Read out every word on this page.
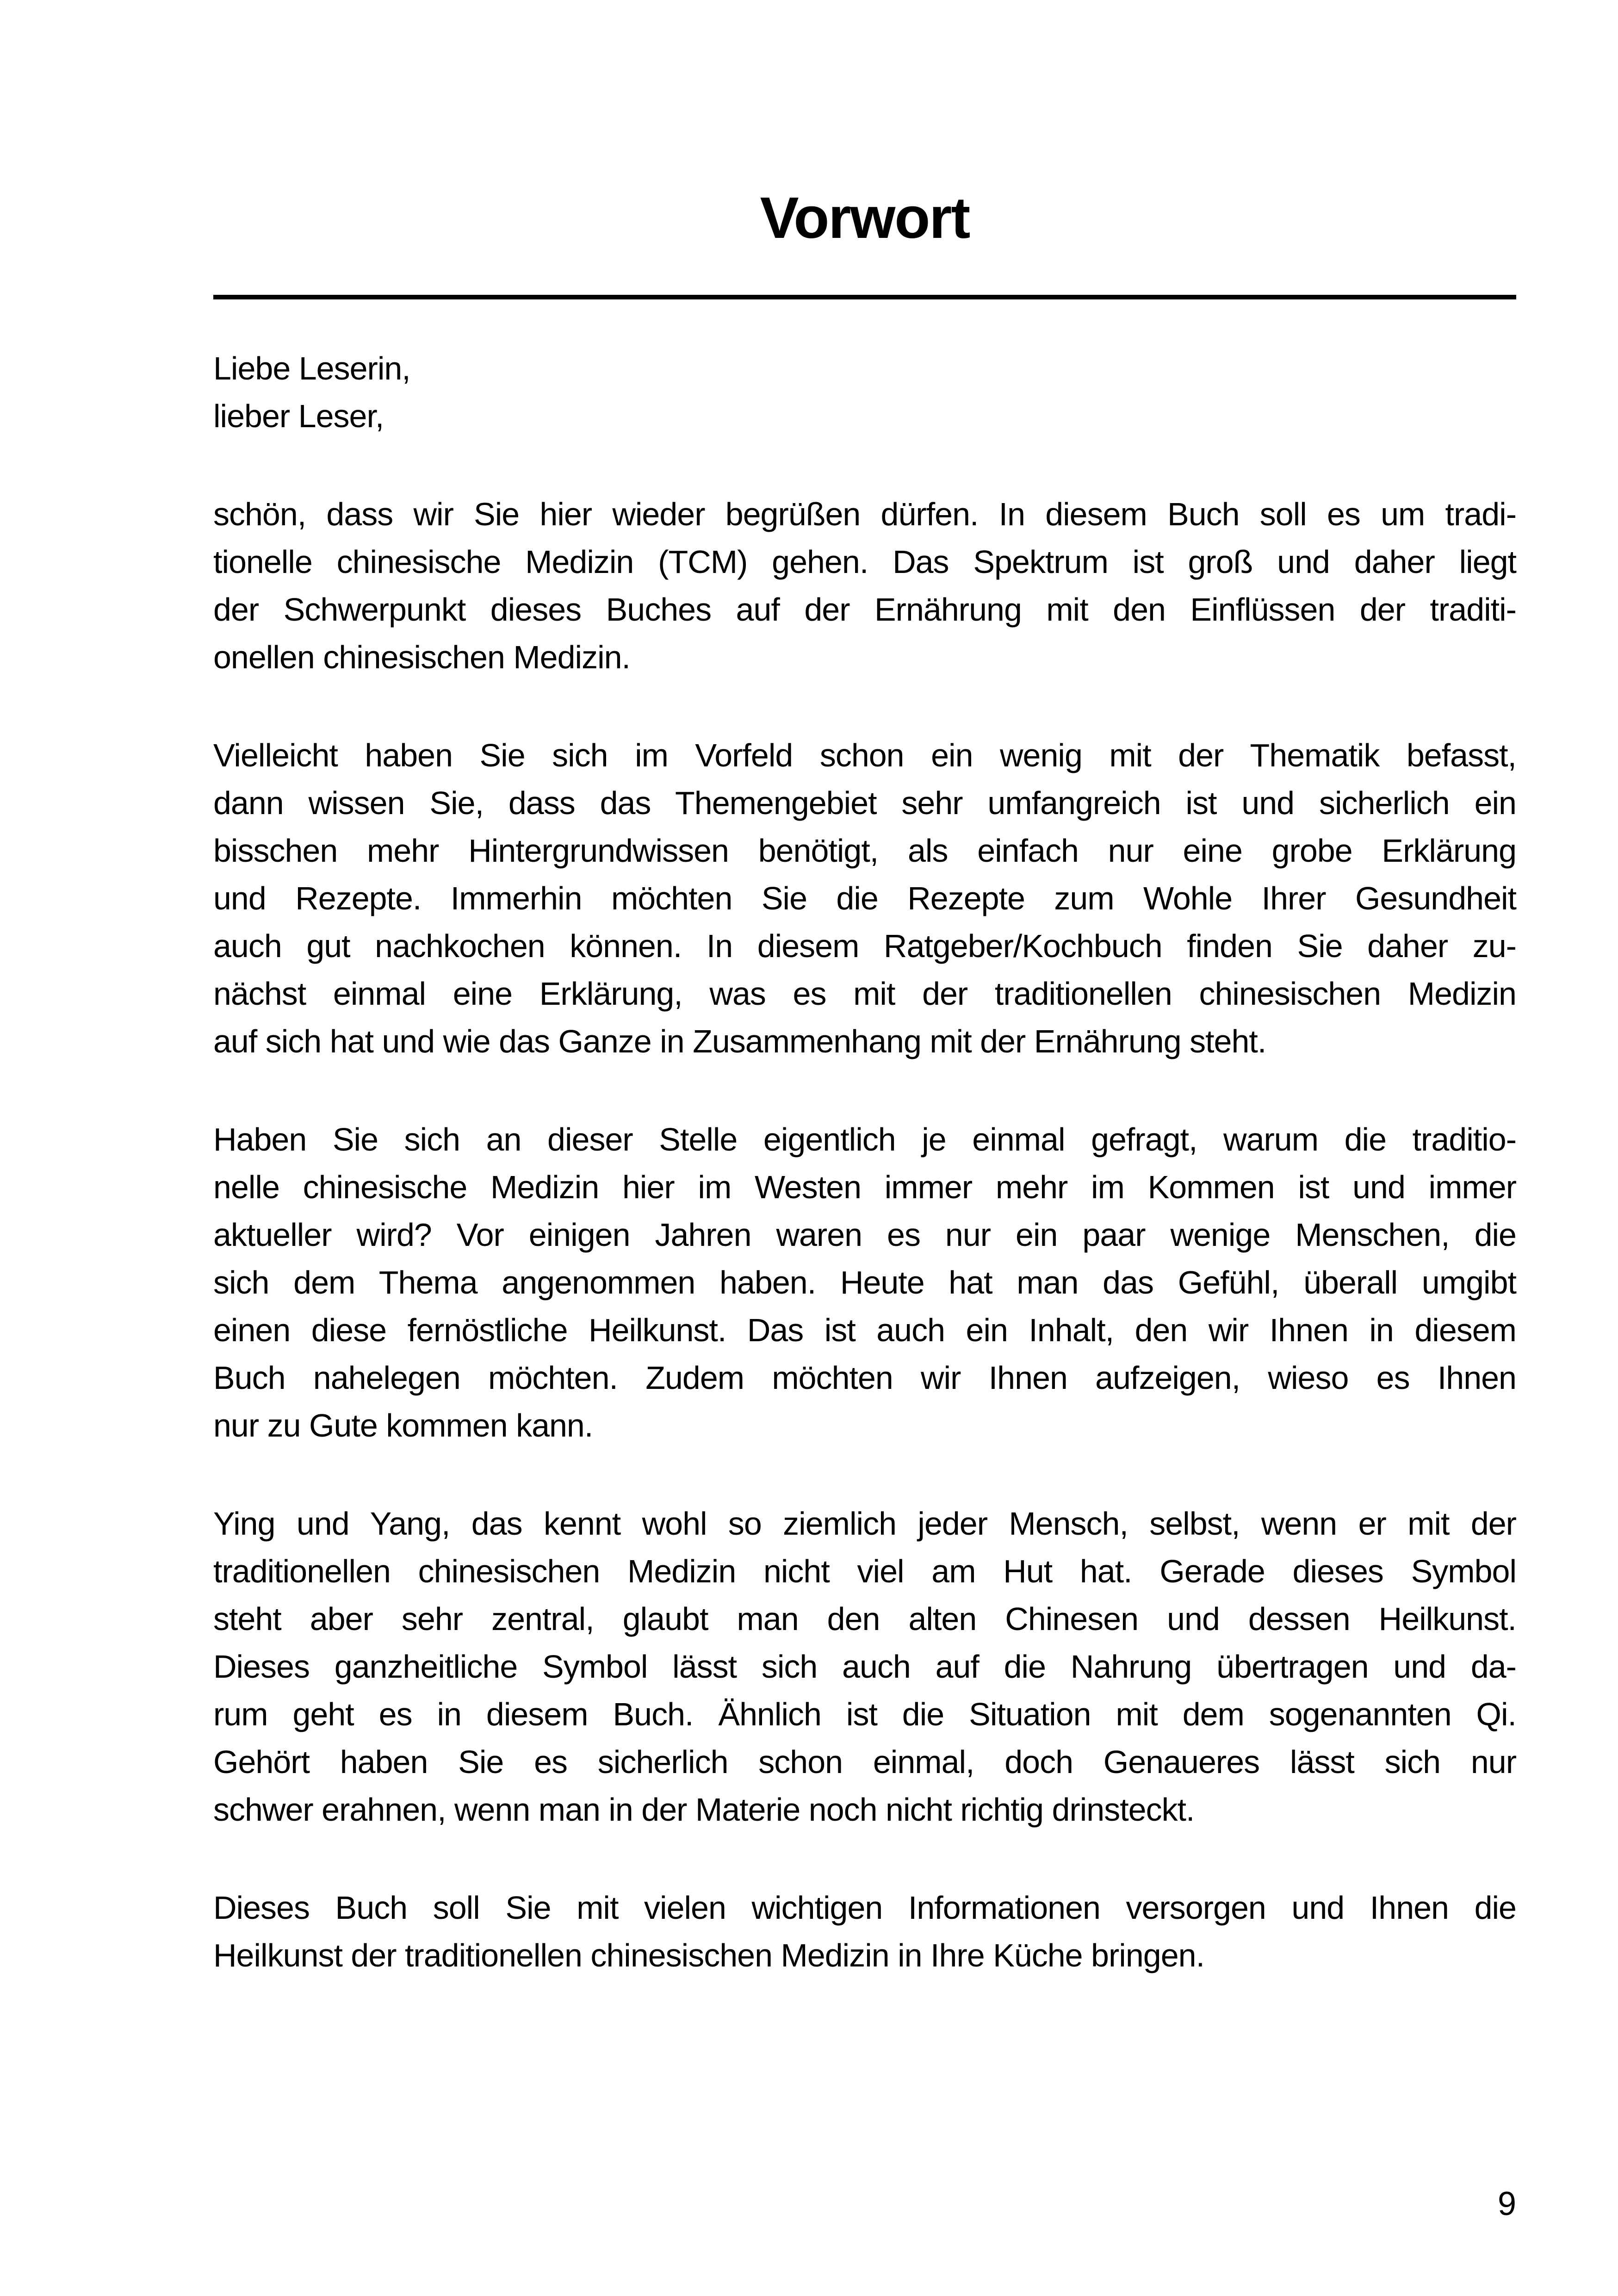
Vorwort
Liebe Leserin,
lieber Leser,
schön, dass wir Sie hier wieder begrüßen dürfen. In diesem Buch soll es um tradi-
tionelle chinesische Medizin (TCM) gehen. Das Spektrum ist groß und daher liegt
der Schwerpunkt dieses Buches auf der Ernährung mit den Einflüssen der traditi-
onellen chinesischen Medizin.
Vielleicht haben Sie sich im Vorfeld schon ein wenig mit der Thematik befasst,
dann wissen Sie, dass das Themengebiet sehr umfangreich ist und sicherlich ein
bisschen mehr Hintergrundwissen benötigt, als einfach nur eine grobe Erklärung
und Rezepte. Immerhin möchten Sie die Rezepte zum Wohle Ihrer Gesundheit
auch gut nachkochen können. In diesem Ratgeber/Kochbuch finden Sie daher zu-
nächst einmal eine Erklärung, was es mit der traditionellen chinesischen Medizin
auf sich hat und wie das Ganze in Zusammenhang mit der Ernährung steht.
Haben Sie sich an dieser Stelle eigentlich je einmal gefragt, warum die traditio-
nelle chinesische Medizin hier im Westen immer mehr im Kommen ist und immer
aktueller wird? Vor einigen Jahren waren es nur ein paar wenige Menschen, die
sich dem Thema angenommen haben. Heute hat man das Gefühl, überall umgibt
einen diese fernöstliche Heilkunst. Das ist auch ein Inhalt, den wir Ihnen in diesem
Buch nahelegen möchten. Zudem möchten wir Ihnen aufzeigen, wieso es Ihnen
nur zu Gute kommen kann.
Ying und Yang, das kennt wohl so ziemlich jeder Mensch, selbst, wenn er mit der
traditionellen chinesischen Medizin nicht viel am Hut hat. Gerade dieses Symbol
steht aber sehr zentral, glaubt man den alten Chinesen und dessen Heilkunst.
Dieses ganzheitliche Symbol lässt sich auch auf die Nahrung übertragen und da-
rum geht es in diesem Buch. Ähnlich ist die Situation mit dem sogenannten Qi.
Gehört haben Sie es sicherlich schon einmal, doch Genaueres lässt sich nur
schwer erahnen, wenn man in der Materie noch nicht richtig drinsteckt.
Dieses Buch soll Sie mit vielen wichtigen Informationen versorgen und Ihnen die
Heilkunst der traditionellen chinesischen Medizin in Ihre Küche bringen.
9
